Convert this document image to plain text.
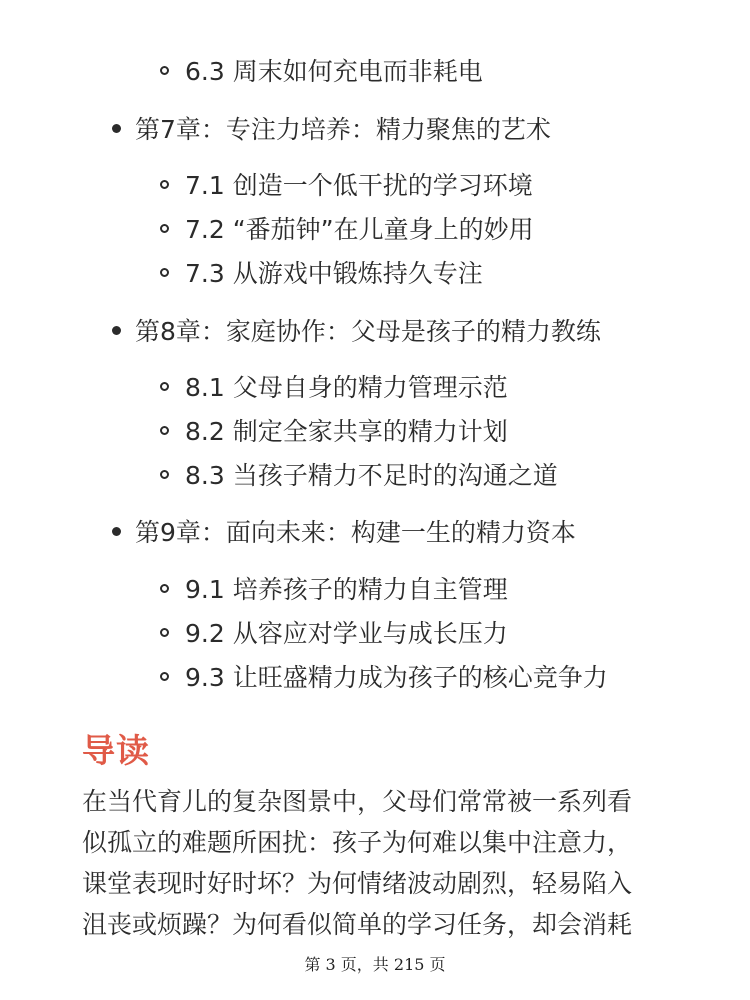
6.3 周末如何充电而非耗电
第7章：专注力培养：精力聚焦的艺术
7.1 创造一个低干扰的学习环境
7.2 “番茄钟”在儿童身上的妙用
7.3 从游戏中锻炼持久专注
第8章：家庭协作：父母是孩子的精力教练
8.1 父母自身的精力管理示范
8.2 制定全家共享的精力计划
8.3 当孩子精力不足时的沟通之道
第9章：面向未来：构建一生的精力资本
9.1 培养孩子的精力自主管理
9.2 从容应对学业与成长压力
9.3 让旺盛精力成为孩子的核心竞争力
导读

在当代育儿的复杂图景中，父母们常常被一系列看

似孤立的难题所困扰：孩子为何难以集中注意力，

课堂表现时好时坏？为何情绪波动剧烈，轻易陷入

沮丧或烦躁？为何看似简单的学习任务，却会消耗

第 3 页，共 215 页
